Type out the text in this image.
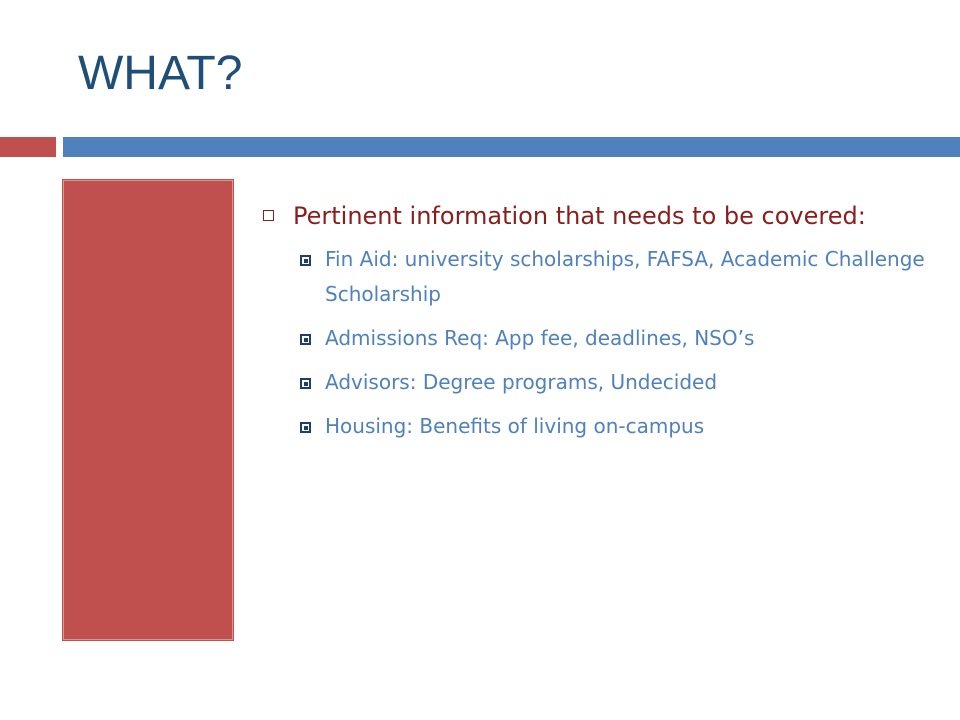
WHAT?
Pertinent information that needs to be covered:
Fin Aid: university scholarships, FAFSA, Academic Challenge Scholarship
Admissions Req: App fee, deadlines, NSO’s
Advisors: Degree programs, Undecided
Housing: Benefits of living on-campus
